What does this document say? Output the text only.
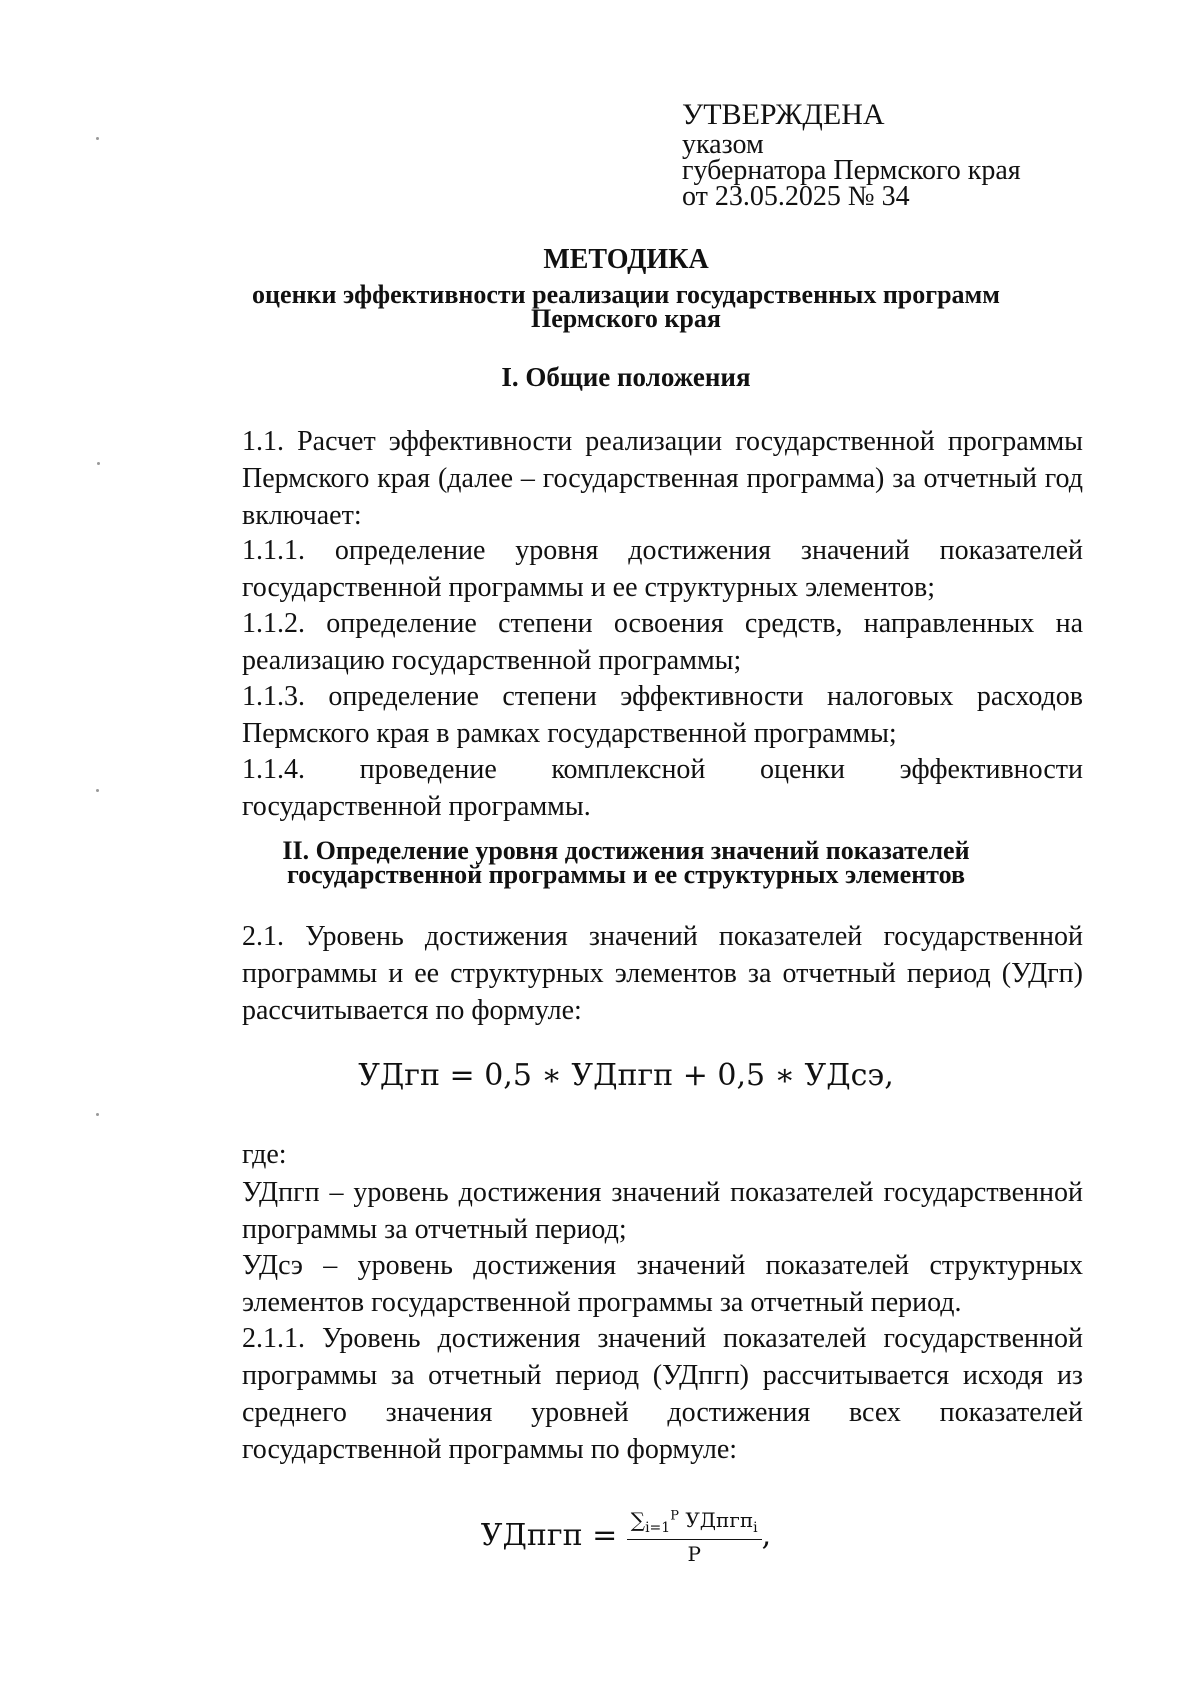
УТВЕРЖДЕНА
указом
губернатора Пермского края
от 23.05.2025 № 34
МЕТОДИКА
оценки эффективности реализации государственных программ
Пермского края
I. Общие положения
1.1. Расчет эффективности реализации государственной программы Пермского края (далее – государственная программа) за отчетный год включает:
1.1.1. определение уровня достижения значений показателей государственной программы и ее структурных элементов;
1.1.2. определение степени освоения средств, направленных на реализацию государственной программы;
1.1.3. определение степени эффективности налоговых расходов Пермского края в рамках государственной программы;
1.1.4. проведение комплексной оценки эффективности государственной программы.
II. Определение уровня достижения значений показателей
государственной программы и ее структурных элементов
2.1. Уровень достижения значений показателей государственной программы и ее структурных элементов за отчетный период (УДгп) рассчитывается по формуле:
УДгп = 0,5 ∗ УДпгп + 0,5 ∗ УДсэ,
где:
УДпгп – уровень достижения значений показателей государственной программы за отчетный период;
УДсэ – уровень достижения значений показателей структурных элементов государственной программы за отчетный период.
2.1.1. Уровень достижения значений показателей государственной программы за отчетный период (УДпгп) рассчитывается исходя из среднего значения уровней достижения всех показателей государственной программы по формуле:
УДпгп = $\frac{\sum_{i=1}^P УДпгп_i}{P}$ ,
